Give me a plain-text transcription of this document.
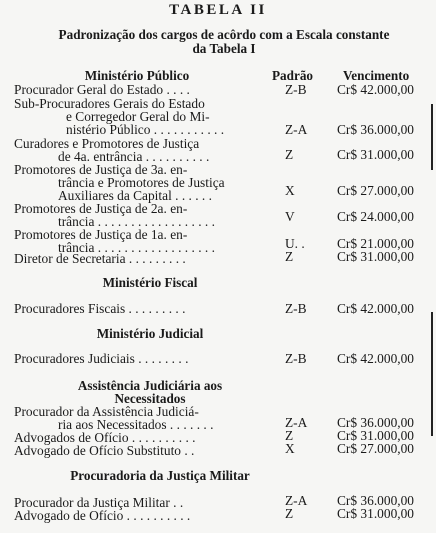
TABELA II
Padronização dos cargos de acôrdo com a Escala constante
da Tabela I
Padrão Vencimento
Ministério Público
Procurador Geral do Estado . . . .	Z-B Cr$ 42.000,00
Sub-Procuradores Gerais do Estado
e Corregedor Geral do Mi-
nistério Público . . . . . . . . . . .	Z-A Cr$ 36.000,00
Curadores e Promotores de Justiça
de 4a. entrância . . . . . . . . . .	Z	Cr$ 31.000,00
Promotores de Justiça de 3a. en-
trância e Promotores de Justiça
Auxiliares da Capital . . . . . .	X	Cr$ 27.000,00
Promotores de Justiça de 2a. en-
trância . . . . . . . . . . . . . . . . . .	V	Cr$ 24.000,00
Promotores de Justiça de 1a. en-
trância . . . . . . . . . . . . . . . . . .	U. . Cr$ 21.000,00
Diretor de Secretaria . . . . . . . . .	Z	Cr$ 31.000,00
Ministério Fiscal
Procuradores Fiscais . . . . . . . . .	Z-B Cr$ 42.000,00
Ministério Judicial
Procuradores Judiciais . . . . . . . .	Z-B Cr$ 42.000,00
Assistência Judiciária aos
Necessitados
Procurador da Assistência Judiciá-
ria aos Necessitados . . . . . . .	Z-A Cr$ 36.000,00
Advogados de Ofício . . . . . . . . . .	Z	Cr$ 31.000,00
Advogado de Ofício Substituto . .	X	Cr$ 27.000,00
Procuradoria da Justiça Militar
Procurador da Justiça Militar . .	Z-A Cr$ 36.000,00
Advogado de Ofício . . . . . . . . . .	Z	Cr$ 31.000,00
